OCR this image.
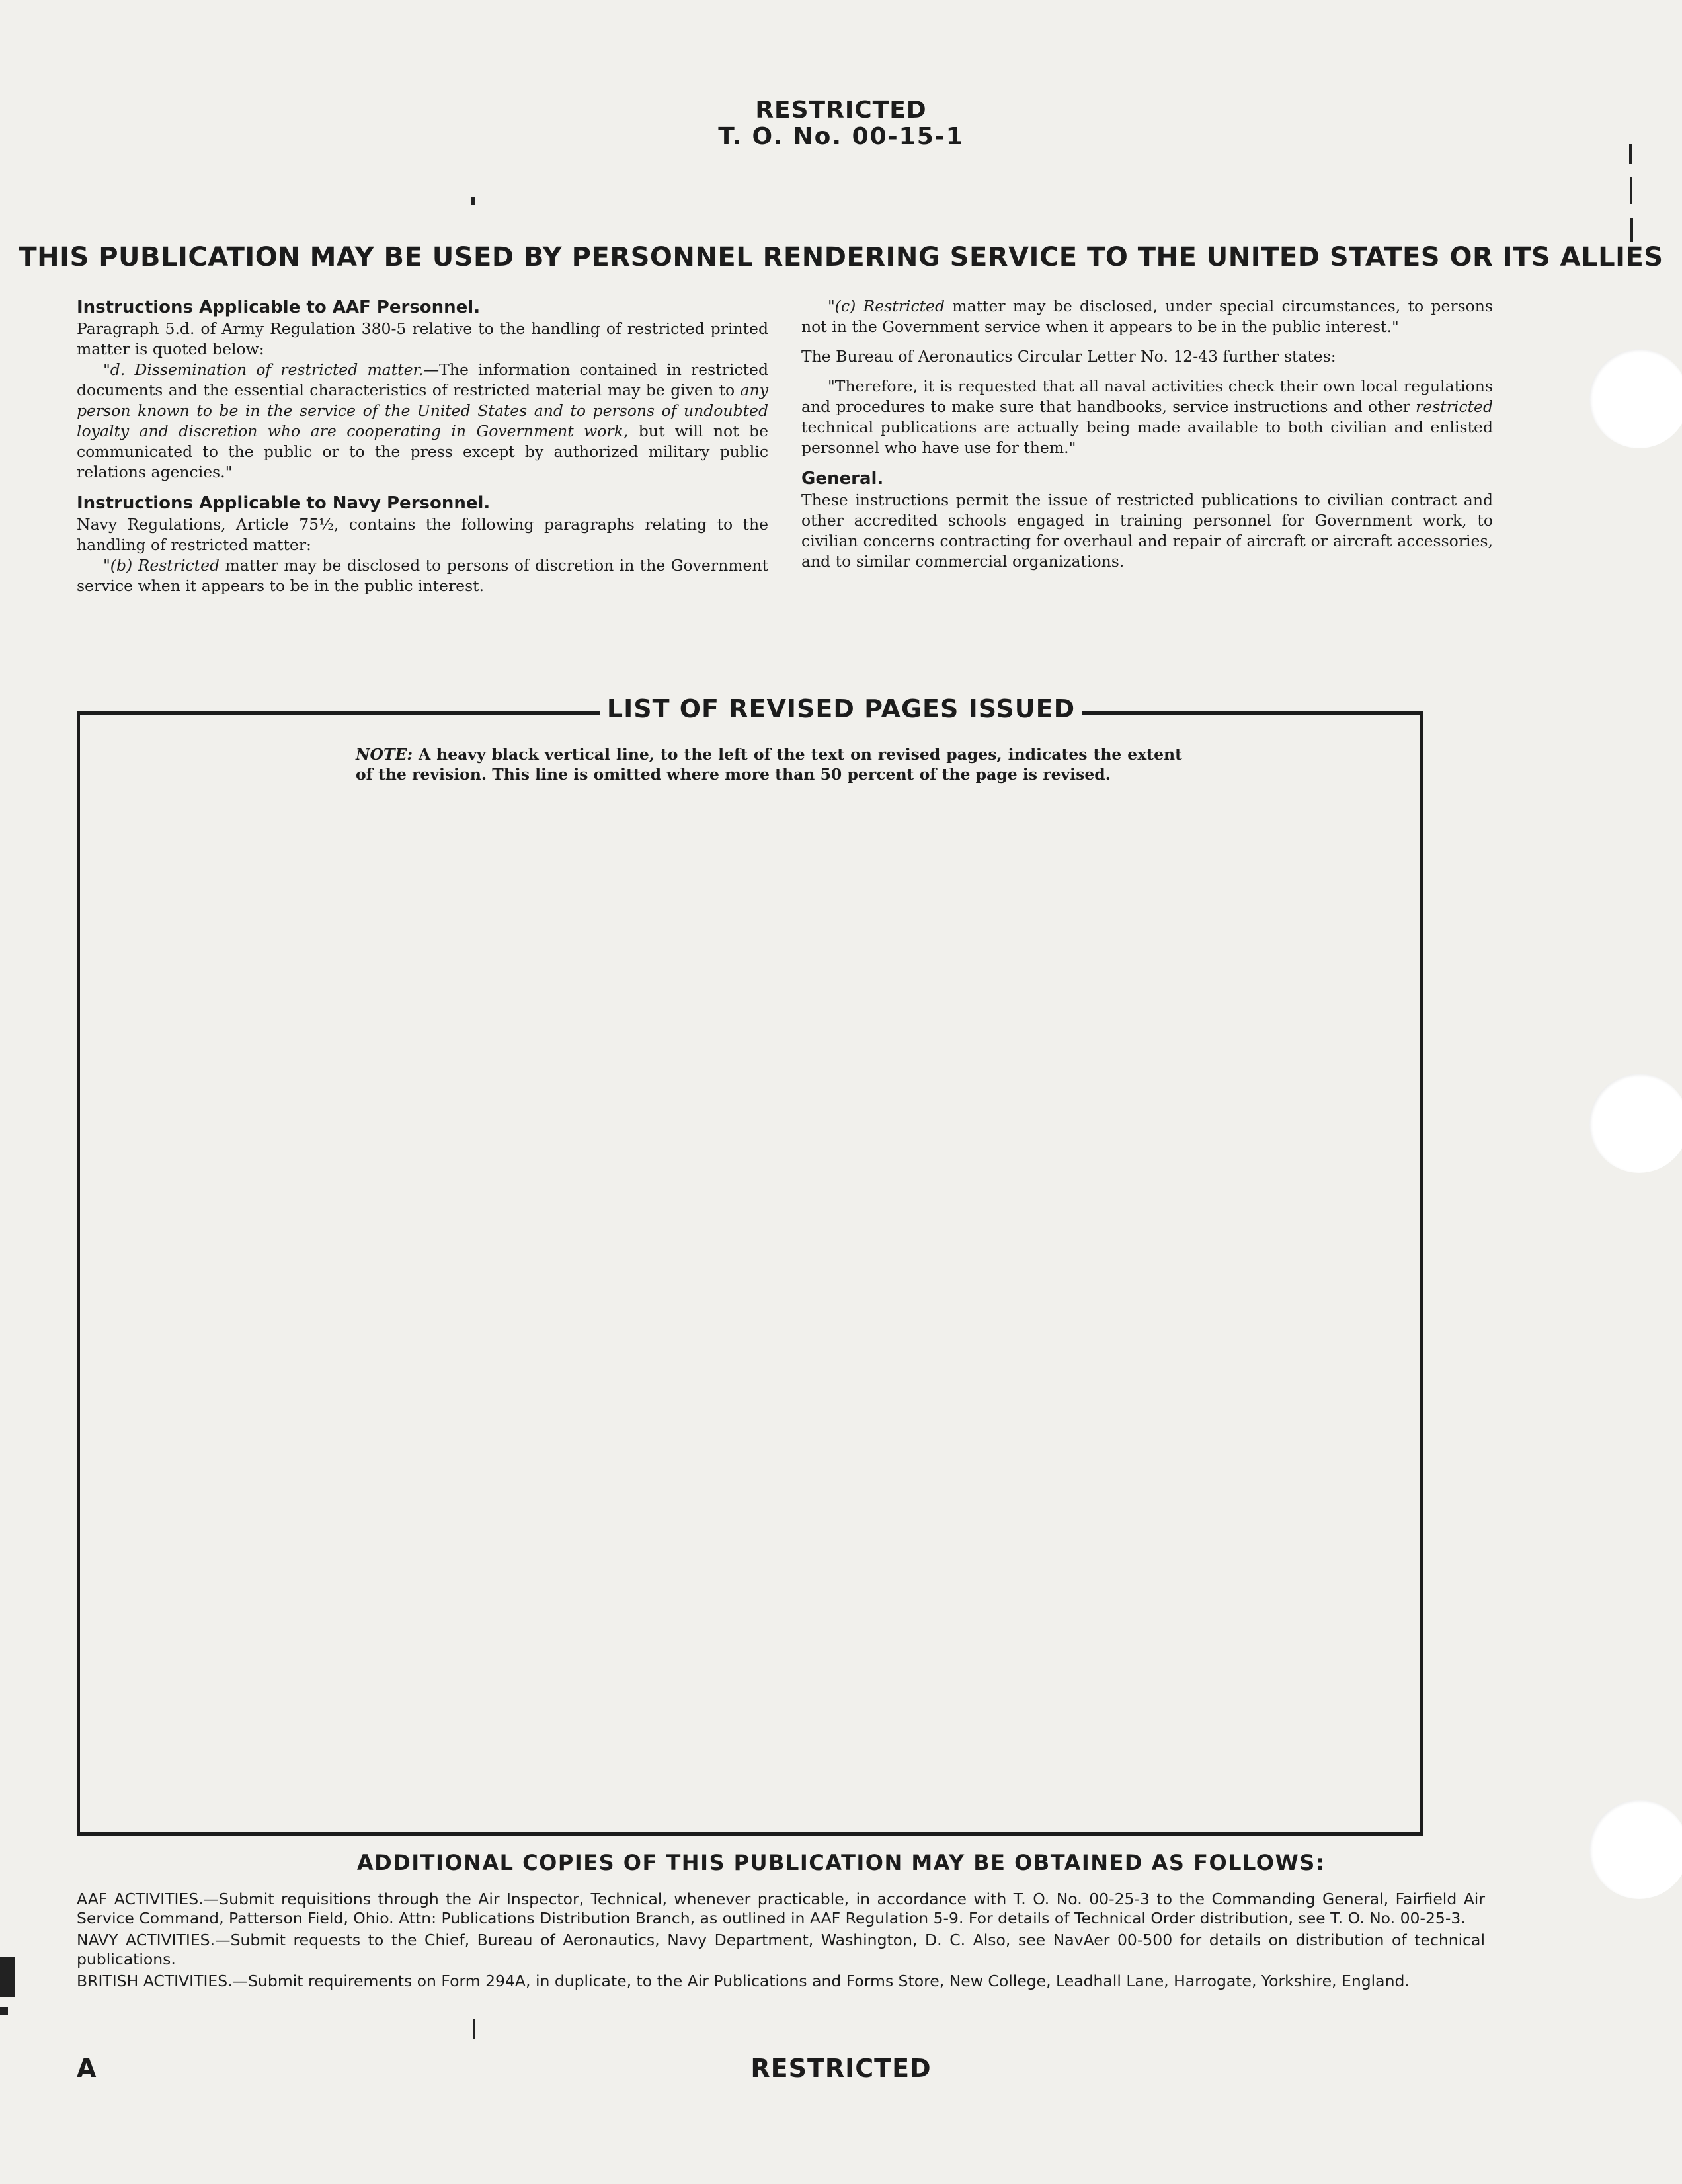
RESTRICTED
T. O. No. 00-15-1
THIS PUBLICATION MAY BE USED BY PERSONNEL RENDERING SERVICE TO THE UNITED STATES OR ITS ALLIES
Instructions Applicable to AAF Personnel.

Paragraph 5.d. of Army Regulation 380-5 relative to the handling of restricted printed matter is quoted below:

"d. Dissemination of restricted matter.—The information contained in restricted documents and the essential characteristics of restricted material may be given to any person known to be in the service of the United States and to persons of undoubted loyalty and discretion who are cooperating in Government work, but will not be communicated to the public or to the press except by authorized military public relations agencies."

Instructions Applicable to Navy Personnel.

Navy Regulations, Article 75½, contains the following paragraphs relating to the handling of restricted matter:

"(b) Restricted matter may be disclosed to persons of discretion in the Government service when it appears to be in the public interest.

"(c) Restricted matter may be disclosed, under special circumstances, to persons not in the Government service when it appears to be in the public interest."

The Bureau of Aeronautics Circular Letter No. 12-43 further states:

"Therefore, it is requested that all naval activities check their own local regulations and procedures to make sure that handbooks, service instructions and other restricted technical publications are actually being made available to both civilian and enlisted personnel who have use for them."

General.

These instructions permit the issue of restricted publications to civilian contract and other accredited schools engaged in training personnel for Government work, to civilian concerns contracting for overhaul and repair of aircraft or aircraft accessories, and to similar commercial organizations.

LIST OF REVISED PAGES ISSUED
NOTE: A heavy black vertical line, to the left of the text on revised pages, indicates the extent of the revision. This line is omitted where more than 50 percent of the page is revised.
ADDITIONAL COPIES OF THIS PUBLICATION MAY BE OBTAINED AS FOLLOWS:

AAF ACTIVITIES.—Submit requisitions through the Air Inspector, Technical, whenever practicable, in accordance with T. O. No. 00-25-3 to the Commanding General, Fairfield Air Service Command, Patterson Field, Ohio. Attn: Publications Distribution Branch, as outlined in AAF Regulation 5-9. For details of Technical Order distribution, see T. O. No. 00-25-3.

NAVY ACTIVITIES.—Submit requests to the Chief, Bureau of Aeronautics, Navy Department, Washington, D. C. Also, see NavAer 00-500 for details on distribution of technical publications.

BRITISH ACTIVITIES.—Submit requirements on Form 294A, in duplicate, to the Air Publications and Forms Store, New College, Leadhall Lane, Harrogate, Yorkshire, England.

A	RESTRICTED
